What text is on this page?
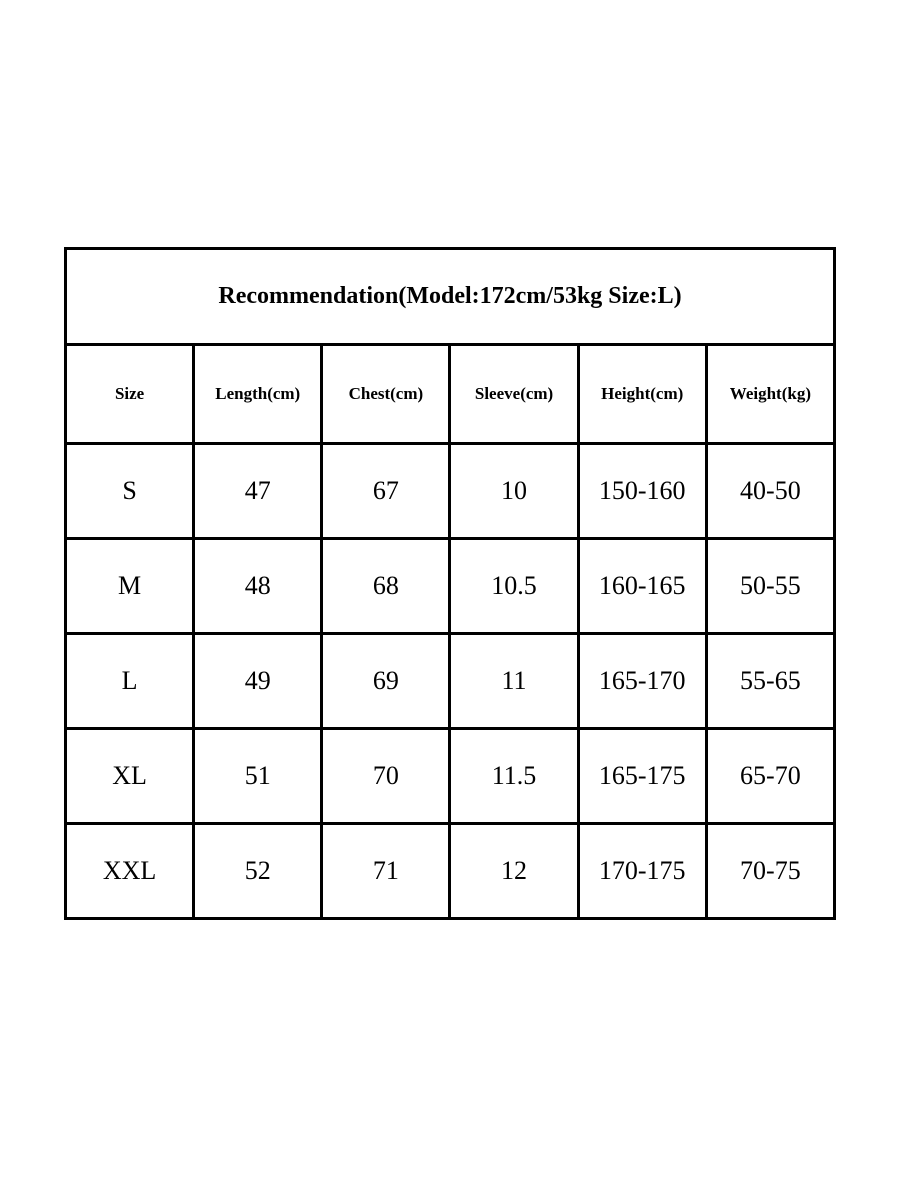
Recommendation(Model:172cm/53kg Size:L)					
Size	Length(cm)	Chest(cm)	Sleeve(cm)	Height(cm)	Weight(kg)
S	47	67	10	150-160	40-50
M	48	68	10.5	160-165	50-55
L	49	69	11	165-170	55-65
XL	51	70	11.5	165-175	65-70
XXL	52	71	12	170-175	70-75
